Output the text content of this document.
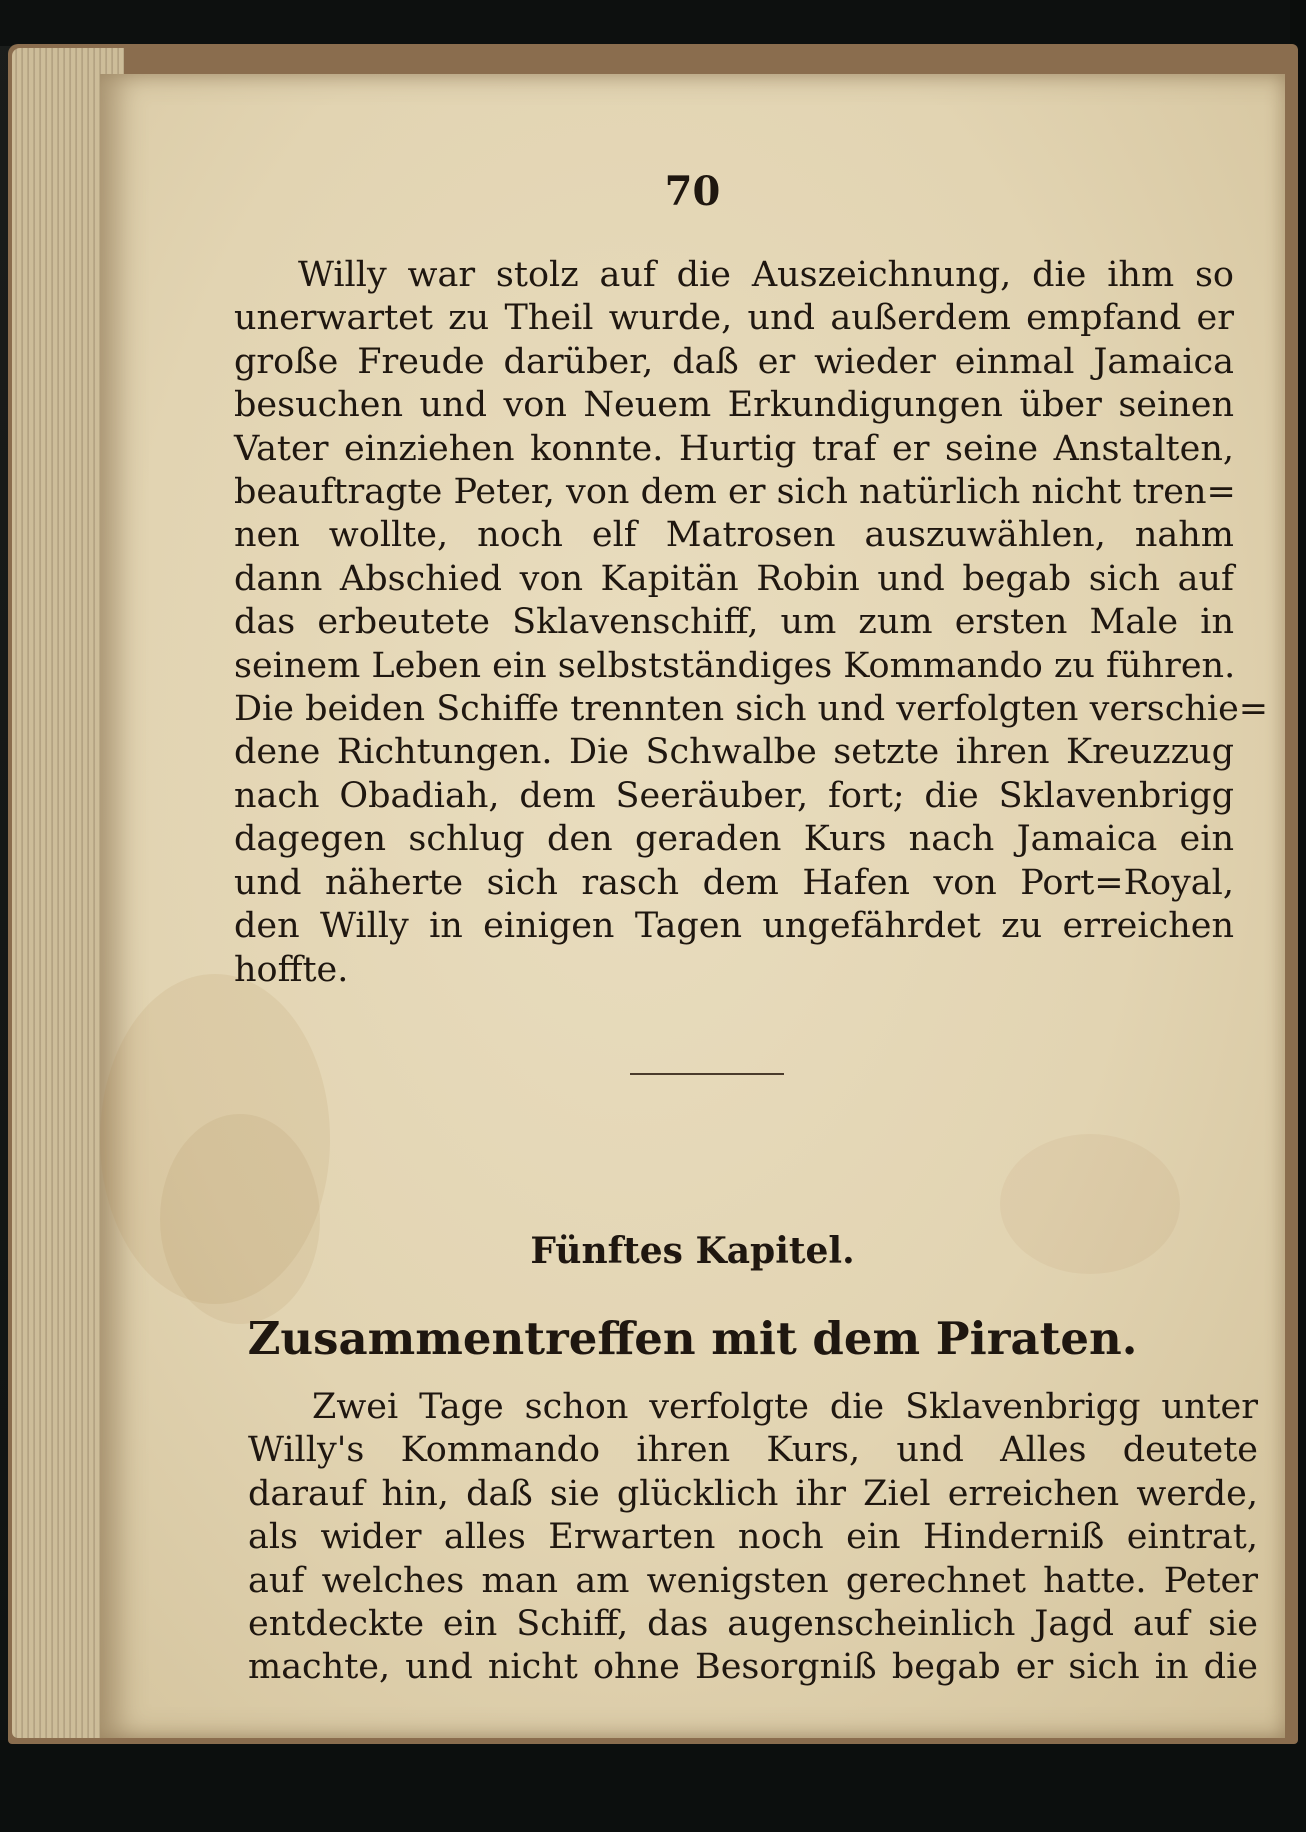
70

Willy war stolz auf die Auszeichnung, die ihm so
unerwartet zu Theil wurde, und außerdem empfand er
große Freude darüber, daß er wieder einmal Jamaica
besuchen und von Neuem Erkundigungen über seinen
Vater einziehen konnte. Hurtig traf er seine Anstalten,
beauftragte Peter, von dem er sich natürlich nicht tren=
nen wollte, noch elf Matrosen auszuwählen, nahm
dann Abschied von Kapitän Robin und begab sich auf
das erbeutete Sklavenschiff, um zum ersten Male in
seinem Leben ein selbstständiges Kommando zu führen.
Die beiden Schiffe trennten sich und verfolgten verschie=
dene Richtungen. Die Schwalbe setzte ihren Kreuzzug
nach Obadiah, dem Seeräuber, fort; die Sklavenbrigg
dagegen schlug den geraden Kurs nach Jamaica ein
und näherte sich rasch dem Hafen von Port=Royal,
den Willy in einigen Tagen ungefährdet zu erreichen
hoffte.

Fünftes Kapitel.

Zusammentreffen mit dem Piraten.

Zwei Tage schon verfolgte die Sklavenbrigg unter
Willy's Kommando ihren Kurs, und Alles deutete
darauf hin, daß sie glücklich ihr Ziel erreichen werde,
als wider alles Erwarten noch ein Hinderniß eintrat,
auf welches man am wenigsten gerechnet hatte. Peter
entdeckte ein Schiff, das augenscheinlich Jagd auf sie
machte, und nicht ohne Besorgniß begab er sich in die
